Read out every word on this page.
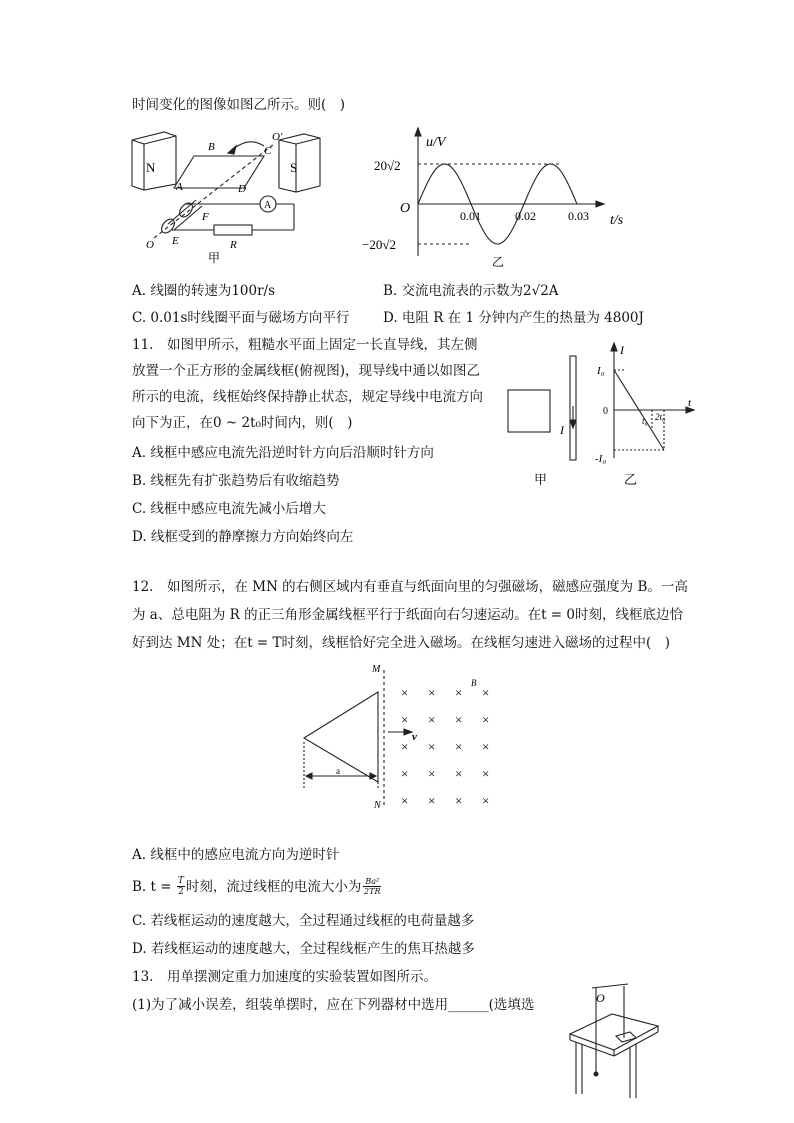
时间变化的图像如图乙所示。则(　)
N	S
B	C
O'
A	D
F
E
O	R
A
甲
u/V
20√2
−20√2
O	0.01	0.02	0.03 t/s
乙
A. 线圈的转速为100r/s	B. 交流电流表的示数为2√2A
C. 0.01s时线圈平面与磁场方向平行 D. 电阻 R 在 1 分钟内产生的热量为 4800J
11.　如图甲所示，粗糙水平面上固定一长直导线，其左侧
放置一个正方形的金属线框(俯视图)，现导线中通以如图乙
所示的电流，线框始终保持静止状态，规定导线中电流方向
向下为正，在0 ~ 2t₀时间内，则(　)
A. 线框中感应电流先沿逆时针方向后沿顺时针方向
B. 线框先有扩张趋势后有收缩趋势
C. 线框中感应电流先减小后增大
D. 线框受到的静摩擦力方向始终向左
I
I
I₀
0
t
t₀ 2t₀
-I₀
甲	乙
12.　如图所示，在 MN 的右侧区域内有垂直与纸面向里的匀强磁场，磁感应强度为 B。一高
为 a、总电阻为 R 的正三角形金属线框平行于纸面向右匀速运动。在t = 0时刻，线框底边恰
好到达 MN 处；在t = T时刻，线框恰好完全进入磁场。在线框匀速进入磁场的过程中(　)
× × × ×
× × × ×
× × × ×
× × × ×
× × × ×
M
N
B
v
a
A. 线框中的感应电流方向为逆时针
B. $t = \frac{T}{2}$ 时刻，流过线框的电流大小为 $\frac{\text{Ba²}}{2TR}$
C. 若线框运动的速度越大，全过程通过线框的电荷量越多
D. 若线框运动的速度越大，全过程线框产生的焦耳热越多
13.　用单摆测定重力加速度的实验装置如图所示。
(1)为了减小误差，组装单摆时，应在下列器材中选用______(选填选	O
